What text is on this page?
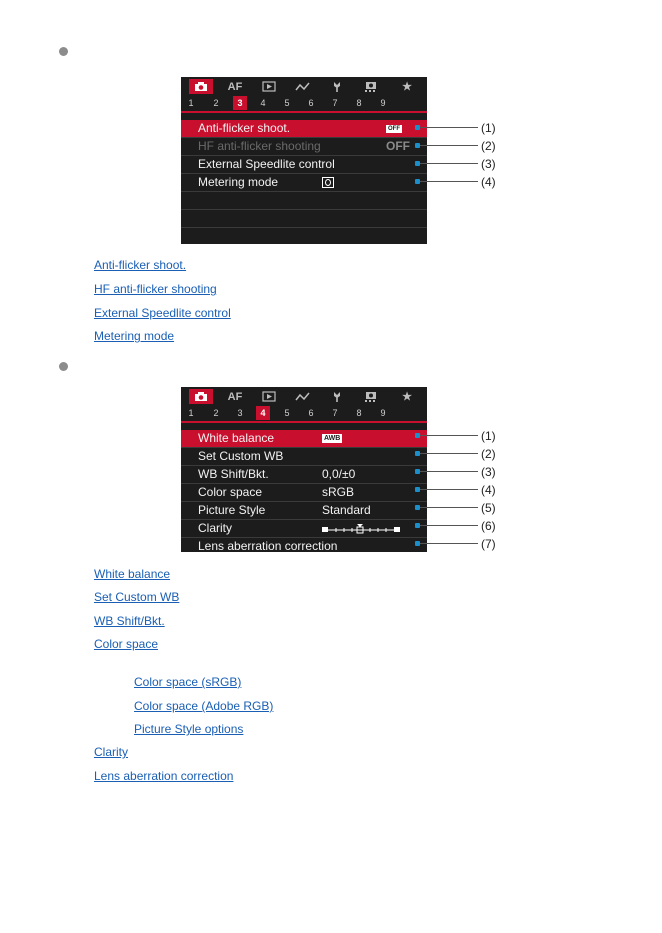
AF	★
1	2	3	4	5	6	7	8	9
Anti-flicker shoot.	OFF
HF anti-flicker shooting	OFF
External Speedlite control
Metering mode
(1)
(2)
(3)
(4)
Anti-flicker shoot.
HF anti-flicker shooting
External Speedlite control
Metering mode
AF	★
1	2	3	4	5	6	7	8	9
White balance	AWB
Set Custom WB
WB Shift/Bkt.	0,0/±0
Color space	sRGB
Picture Style	Standard
Clarity
Lens aberration correction
(1)
(2)
(3)
(4)
(5)
(6)
(7)
White balance
Set Custom WB
WB Shift/Bkt.
Color space
Color space (sRGB)
Color space (Adobe RGB)
Picture Style options
Clarity
Lens aberration correction
